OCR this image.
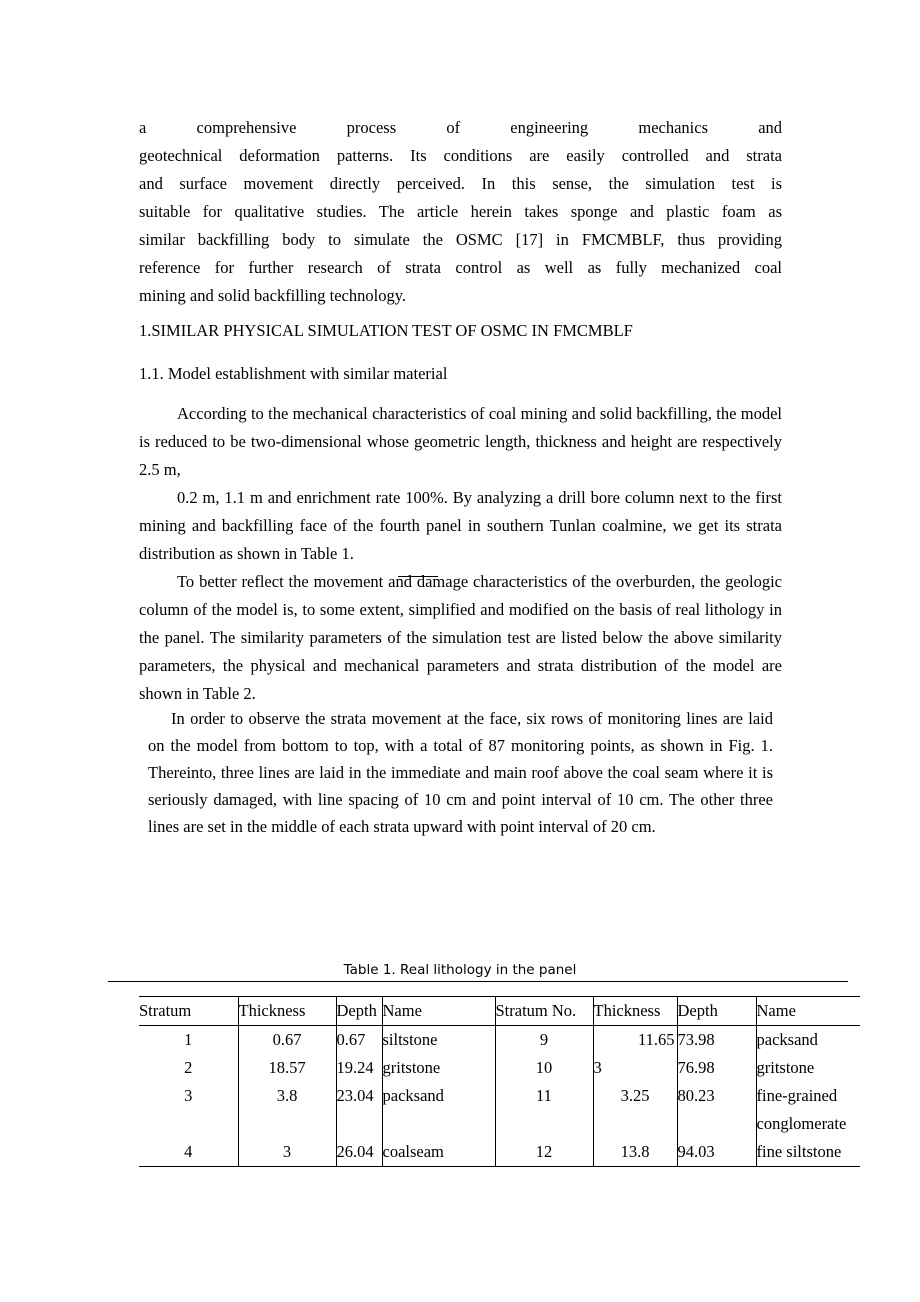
a	comprehensive	process	of	engineering	mechanics	and

geotechnical deformation patterns. Its conditions are easily controlled and strata

and surface movement directly perceived. In this sense, the simulation test is

suitable for qualitative studies. The article herein takes sponge and plastic foam as

similar backfilling body to simulate the OSMC [17] in FMCMBLF, thus providing

reference for further research of strata control as well as fully mechanized coal

mining and solid backfilling technology.

1.SIMILAR PHYSICAL SIMULATION TEST OF OSMC IN FMCMBLF
1.1. Model establishment with similar material

According to the mechanical characteristics of coal mining and solid backfilling, the model is reduced to be two-dimensional whose geometric length, thickness and height are respectively 2.5 m,

0.2 m, 1.1 m and enrichment rate 100%. By analyzing a drill bore column next to the first mining and backfilling face of the fourth panel in southern Tunlan coalmine, we get its strata distribution as shown in Table 1.

To better reflect the movement and damage characteristics of the overburden, the geologic column of the model is, to some extent, simplified and modified on the basis of real lithology in the panel. The similarity parameters of the simulation test are listed below the above similarity parameters, the physical and mechanical parameters and strata distribution of the model are shown in Table 2.

In order to observe the strata movement at the face, six rows of monitoring lines are laid on the model from bottom to top, with a total of 87 monitoring points, as shown in Fig. 1. Thereinto, three lines are laid in the immediate and main roof above the coal seam where it is seriously damaged, with line spacing of 10 cm and point interval of 10 cm. The other three lines are set in the middle of each strata upward with point interval of 20 cm.

Table 1. Real lithology in the panel
Stratum	Thickness	Depth	Name	Stratum No.	Thickness	Depth	Name
1	0.67	0.67	siltstone	9	11.65	73.98	packsand
2	18.57	19.24	gritstone	10	3	76.98	gritstone
3	3.8	23.04	packsand	11	3.25	80.23	fine-grained
							conglomerate
4	3	26.04	coalseam	12	13.8	94.03	fine siltstone
